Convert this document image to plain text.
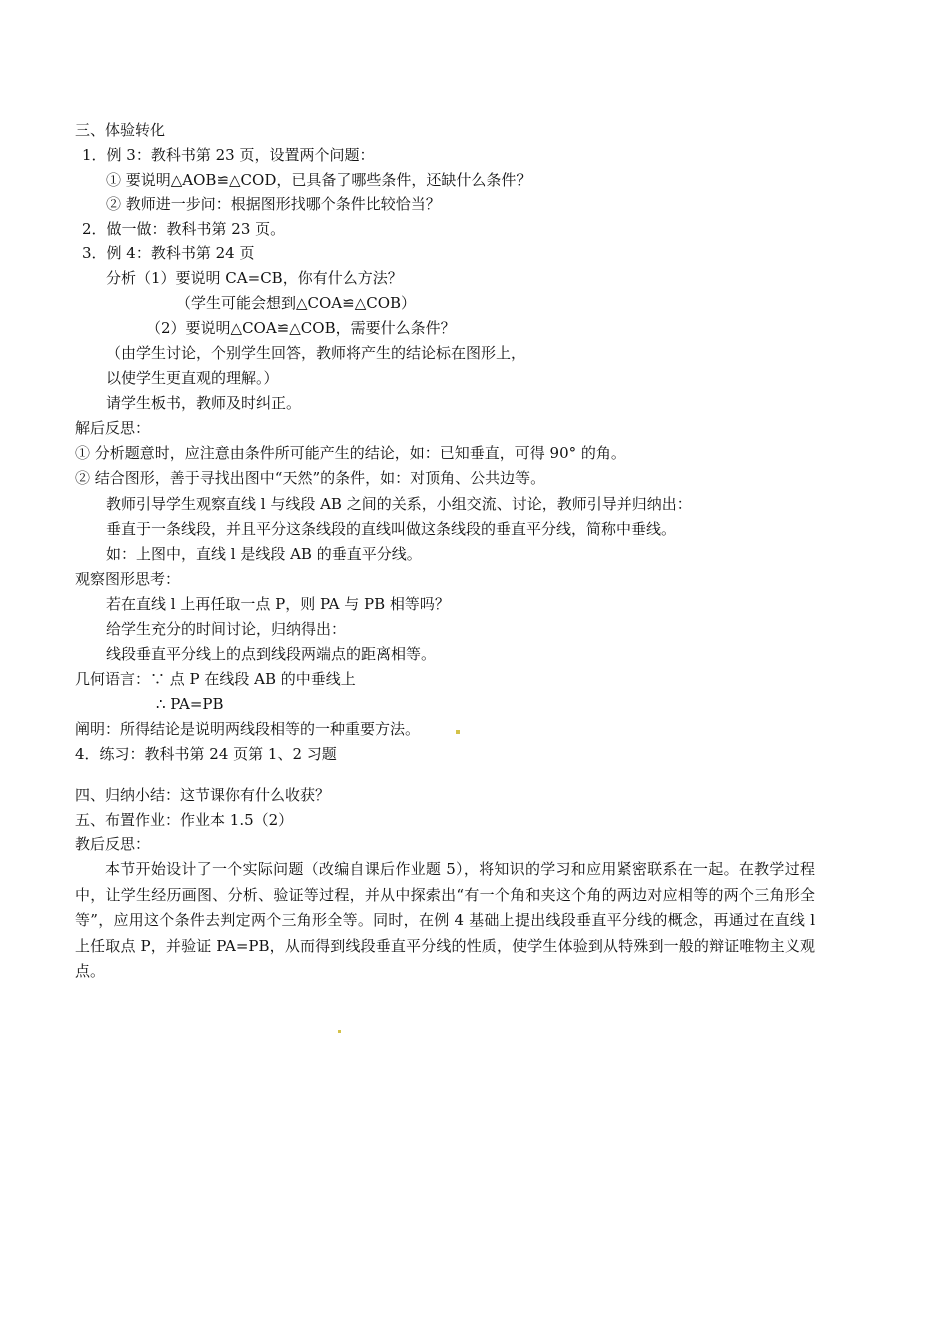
三、体验转化
1．例 3：教科书第 23 页，设置两个问题：
① 要说明△AOB≌△COD，已具备了哪些条件，还缺什么条件？
② 教师进一步问：根据图形找哪个条件比较恰当？
2．做一做：教科书第 23 页。
3．例 4：教科书第 24 页
分析（1）要说明 CA=CB，你有什么方法？
（学生可能会想到△COA≌△COB）
（2）要说明△COA≌△COB，需要什么条件？
（由学生讨论，个别学生回答，教师将产生的结论标在图形上，
以使学生更直观的理解。）
请学生板书，教师及时纠正。
解后反思：
① 分析题意时，应注意由条件所可能产生的结论，如：已知垂直，可得 90° 的角。
② 结合图形，善于寻找出图中“天然”的条件，如：对顶角、公共边等。
教师引导学生观察直线 l 与线段 AB 之间的关系，小组交流、讨论，教师引导并归纳出：
垂直于一条线段，并且平分这条线段的直线叫做这条线段的垂直平分线，简称中垂线。
如：上图中，直线 l 是线段 AB 的垂直平分线。
观察图形思考：
若在直线 l 上再任取一点 P，则 PA 与 PB 相等吗？
给学生充分的时间讨论，归纳得出：
线段垂直平分线上的点到线段两端点的距离相等。
几何语言：∵ 点 P 在线段 AB 的中垂线上
∴ PA=PB
阐明：所得结论是说明两线段相等的一种重要方法。
4．练习：教科书第 24 页第 1、2 习题
四、归纳小结：这节课你有什么收获？
五、布置作业：作业本 1.5（2）
教后反思：
本节开始设计了一个实际问题（改编自课后作业题 5），将知识的学习和应用紧密联系在一起。在教学过程中，让学生经历画图、分析、验证等过程，并从中探索出“有一个角和夹这个角的两边对应相等的两个三角形全等”，应用这个条件去判定两个三角形全等。同时，在例 4 基础上提出线段垂直平分线的概念，再通过在直线 l 上任取点 P，并验证 PA=PB，从而得到线段垂直平分线的性质，使学生体验到从特殊到一般的辩证唯物主义观点。
